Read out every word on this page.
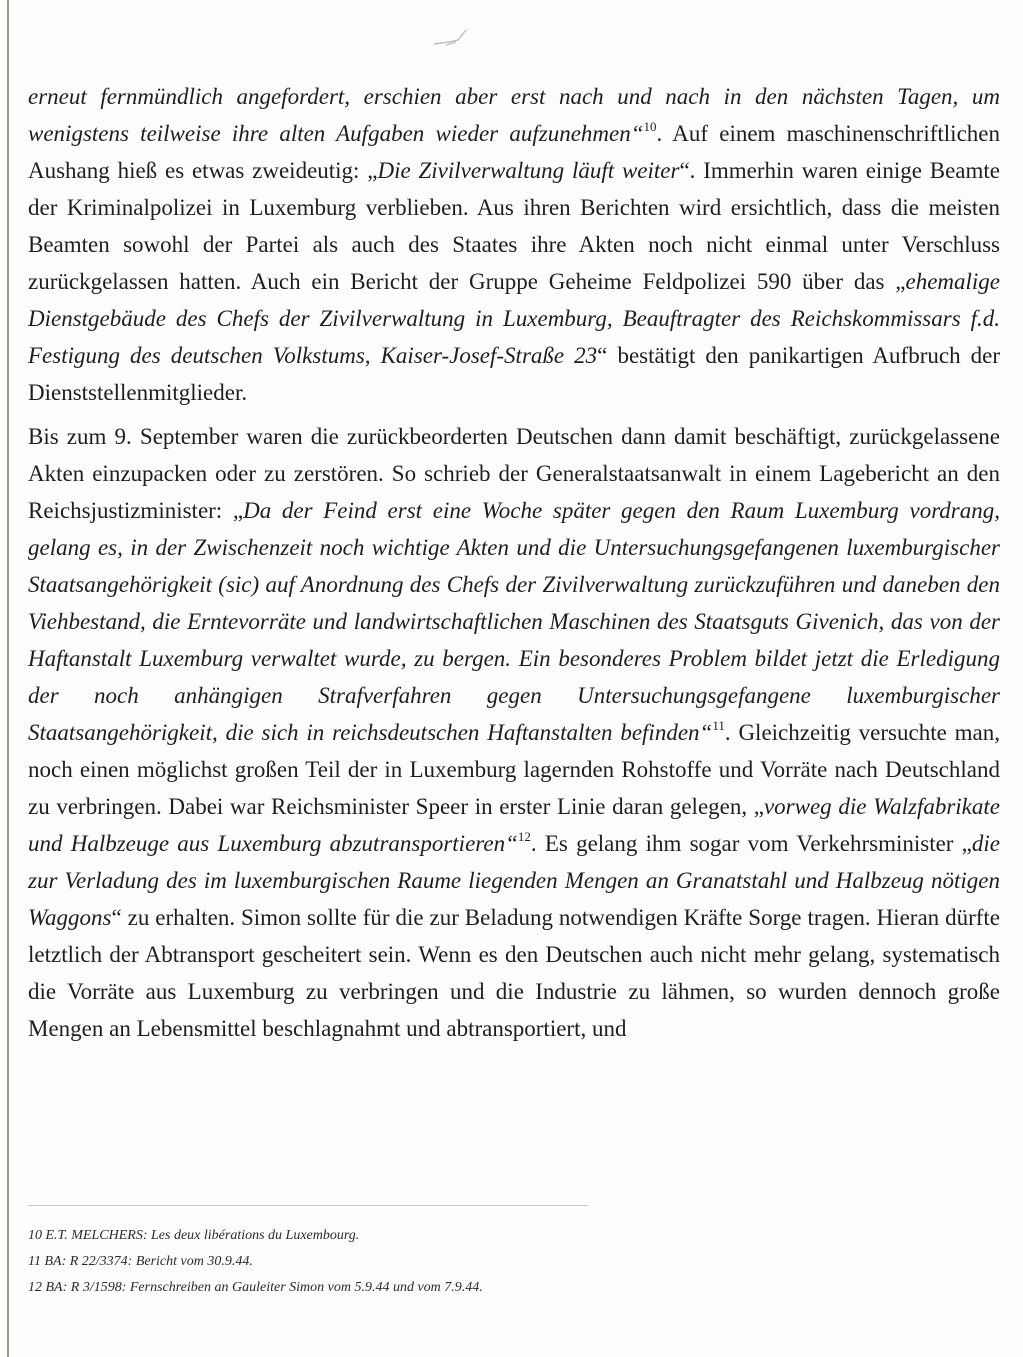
erneut fernmündlich angefordert, erschien aber erst nach und nach in den nächsten Tagen, um wenigstens teilweise ihre alten Aufgaben wieder aufzunehmen“$^{10}$. Auf einem maschinenschriftlichen Aushang hieß es etwas zweideutig: „Die Zivilverwaltung läuft weiter“. Immerhin waren einige Beamte der Kriminalpolizei in Luxemburg verblieben. Aus ihren Berichten wird ersichtlich, dass die meisten Beamten sowohl der Partei als auch des Staates ihre Akten noch nicht einmal unter Verschluss zurückgelassen hatten. Auch ein Bericht der Gruppe Geheime Feldpolizei 590 über das „ehemalige Dienstgebäude des Chefs der Zivilverwaltung in Luxemburg, Beauftragter des Reichskommissars f.d. Festigung des deutschen Volkstums, Kaiser-Josef-Straße 23“ bestätigt den panikartigen Aufbruch der Dienststellenmitglieder.

Bis zum 9. September waren die zurückbeorderten Deutschen dann damit beschäftigt, zurückgelassene Akten einzupacken oder zu zerstören. So schrieb der Generalstaatsanwalt in einem Lagebericht an den Reichsjustizminister: „Da der Feind erst eine Woche später gegen den Raum Luxemburg vordrang, gelang es, in der Zwischenzeit noch wichtige Akten und die Untersuchungsgefangenen luxemburgischer Staatsangehörigkeit (sic) auf Anordnung des Chefs der Zivilverwaltung zurückzuführen und daneben den Viehbestand, die Erntevorräte und landwirtschaftlichen Maschinen des Staatsguts Givenich, das von der Haftanstalt Luxemburg verwaltet wurde, zu bergen. Ein besonderes Problem bildet jetzt die Erledigung der noch anhängigen Strafverfahren gegen Untersuchungsgefangene luxemburgischer Staatsangehörigkeit, die sich in reichsdeutschen Haftanstalten befinden“$^{11}$. Gleichzeitig versuchte man, noch einen möglichst großen Teil der in Luxemburg lagernden Rohstoffe und Vorräte nach Deutschland zu verbringen. Dabei war Reichsminister Speer in erster Linie daran gelegen, „vorweg die Walzfabrikate und Halbzeuge aus Luxemburg abzutransportieren“$^{12}$. Es gelang ihm sogar vom Verkehrsminister „die zur Verladung des im luxemburgischen Raume liegenden Mengen an Granatstahl und Halbzeug nötigen Waggons“ zu erhalten. Simon sollte für die zur Beladung notwendigen Kräfte Sorge tragen. Hieran dürfte letztlich der Abtransport gescheitert sein. Wenn es den Deutschen auch nicht mehr gelang, systematisch die Vorräte aus Luxemburg zu verbringen und die Industrie zu lähmen, so wurden dennoch große Mengen an Lebensmittel beschlagnahmt und abtransportiert, und

10 E.T. MELCHERS: Les deux libérations du Luxembourg.

11 BA: R 22/3374: Bericht vom 30.9.44.

12 BA: R 3/1598: Fernschreiben an Gauleiter Simon vom 5.9.44 und vom 7.9.44.
